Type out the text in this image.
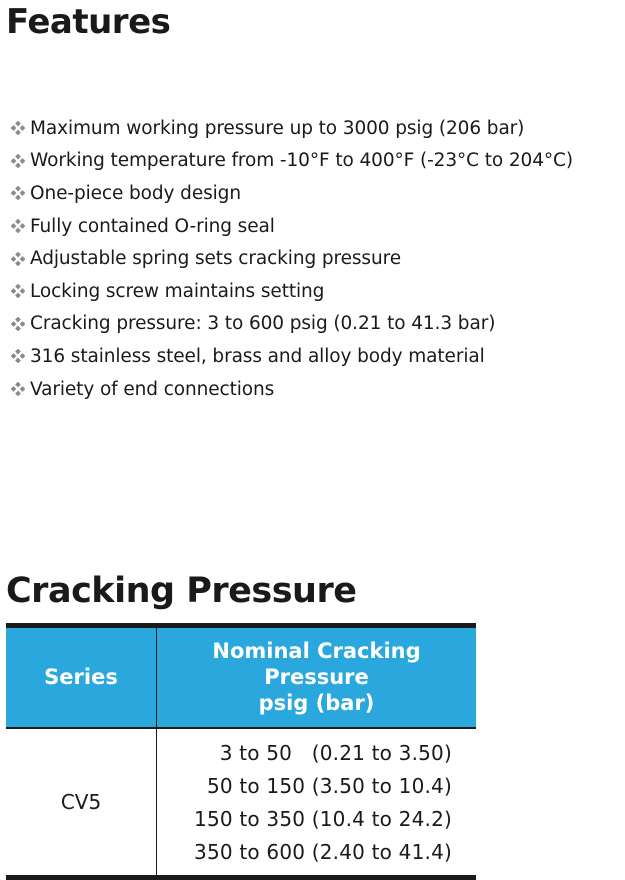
Features
Maximum working pressure up to 3000 psig (206 bar)
Working temperature from -10°F to 400°F (-23°C to 204°C)
One-piece body design
Fully contained O-ring seal
Adjustable spring sets cracking pressure
Locking screw maintains setting
Cracking pressure: 3 to 600 psig (0.21 to 41.3 bar)
316 stainless steel, brass and alloy body material
Variety of end connections
Cracking Pressure
Series	Nominal Cracking
Pressure
psig (bar)

CV5	3 to 50   (0.21 to 3.50)
50 to 150 (3.50 to 10.4)
150 to 350 (10.4 to 24.2)
350 to 600 (2.40 to 41.4)
